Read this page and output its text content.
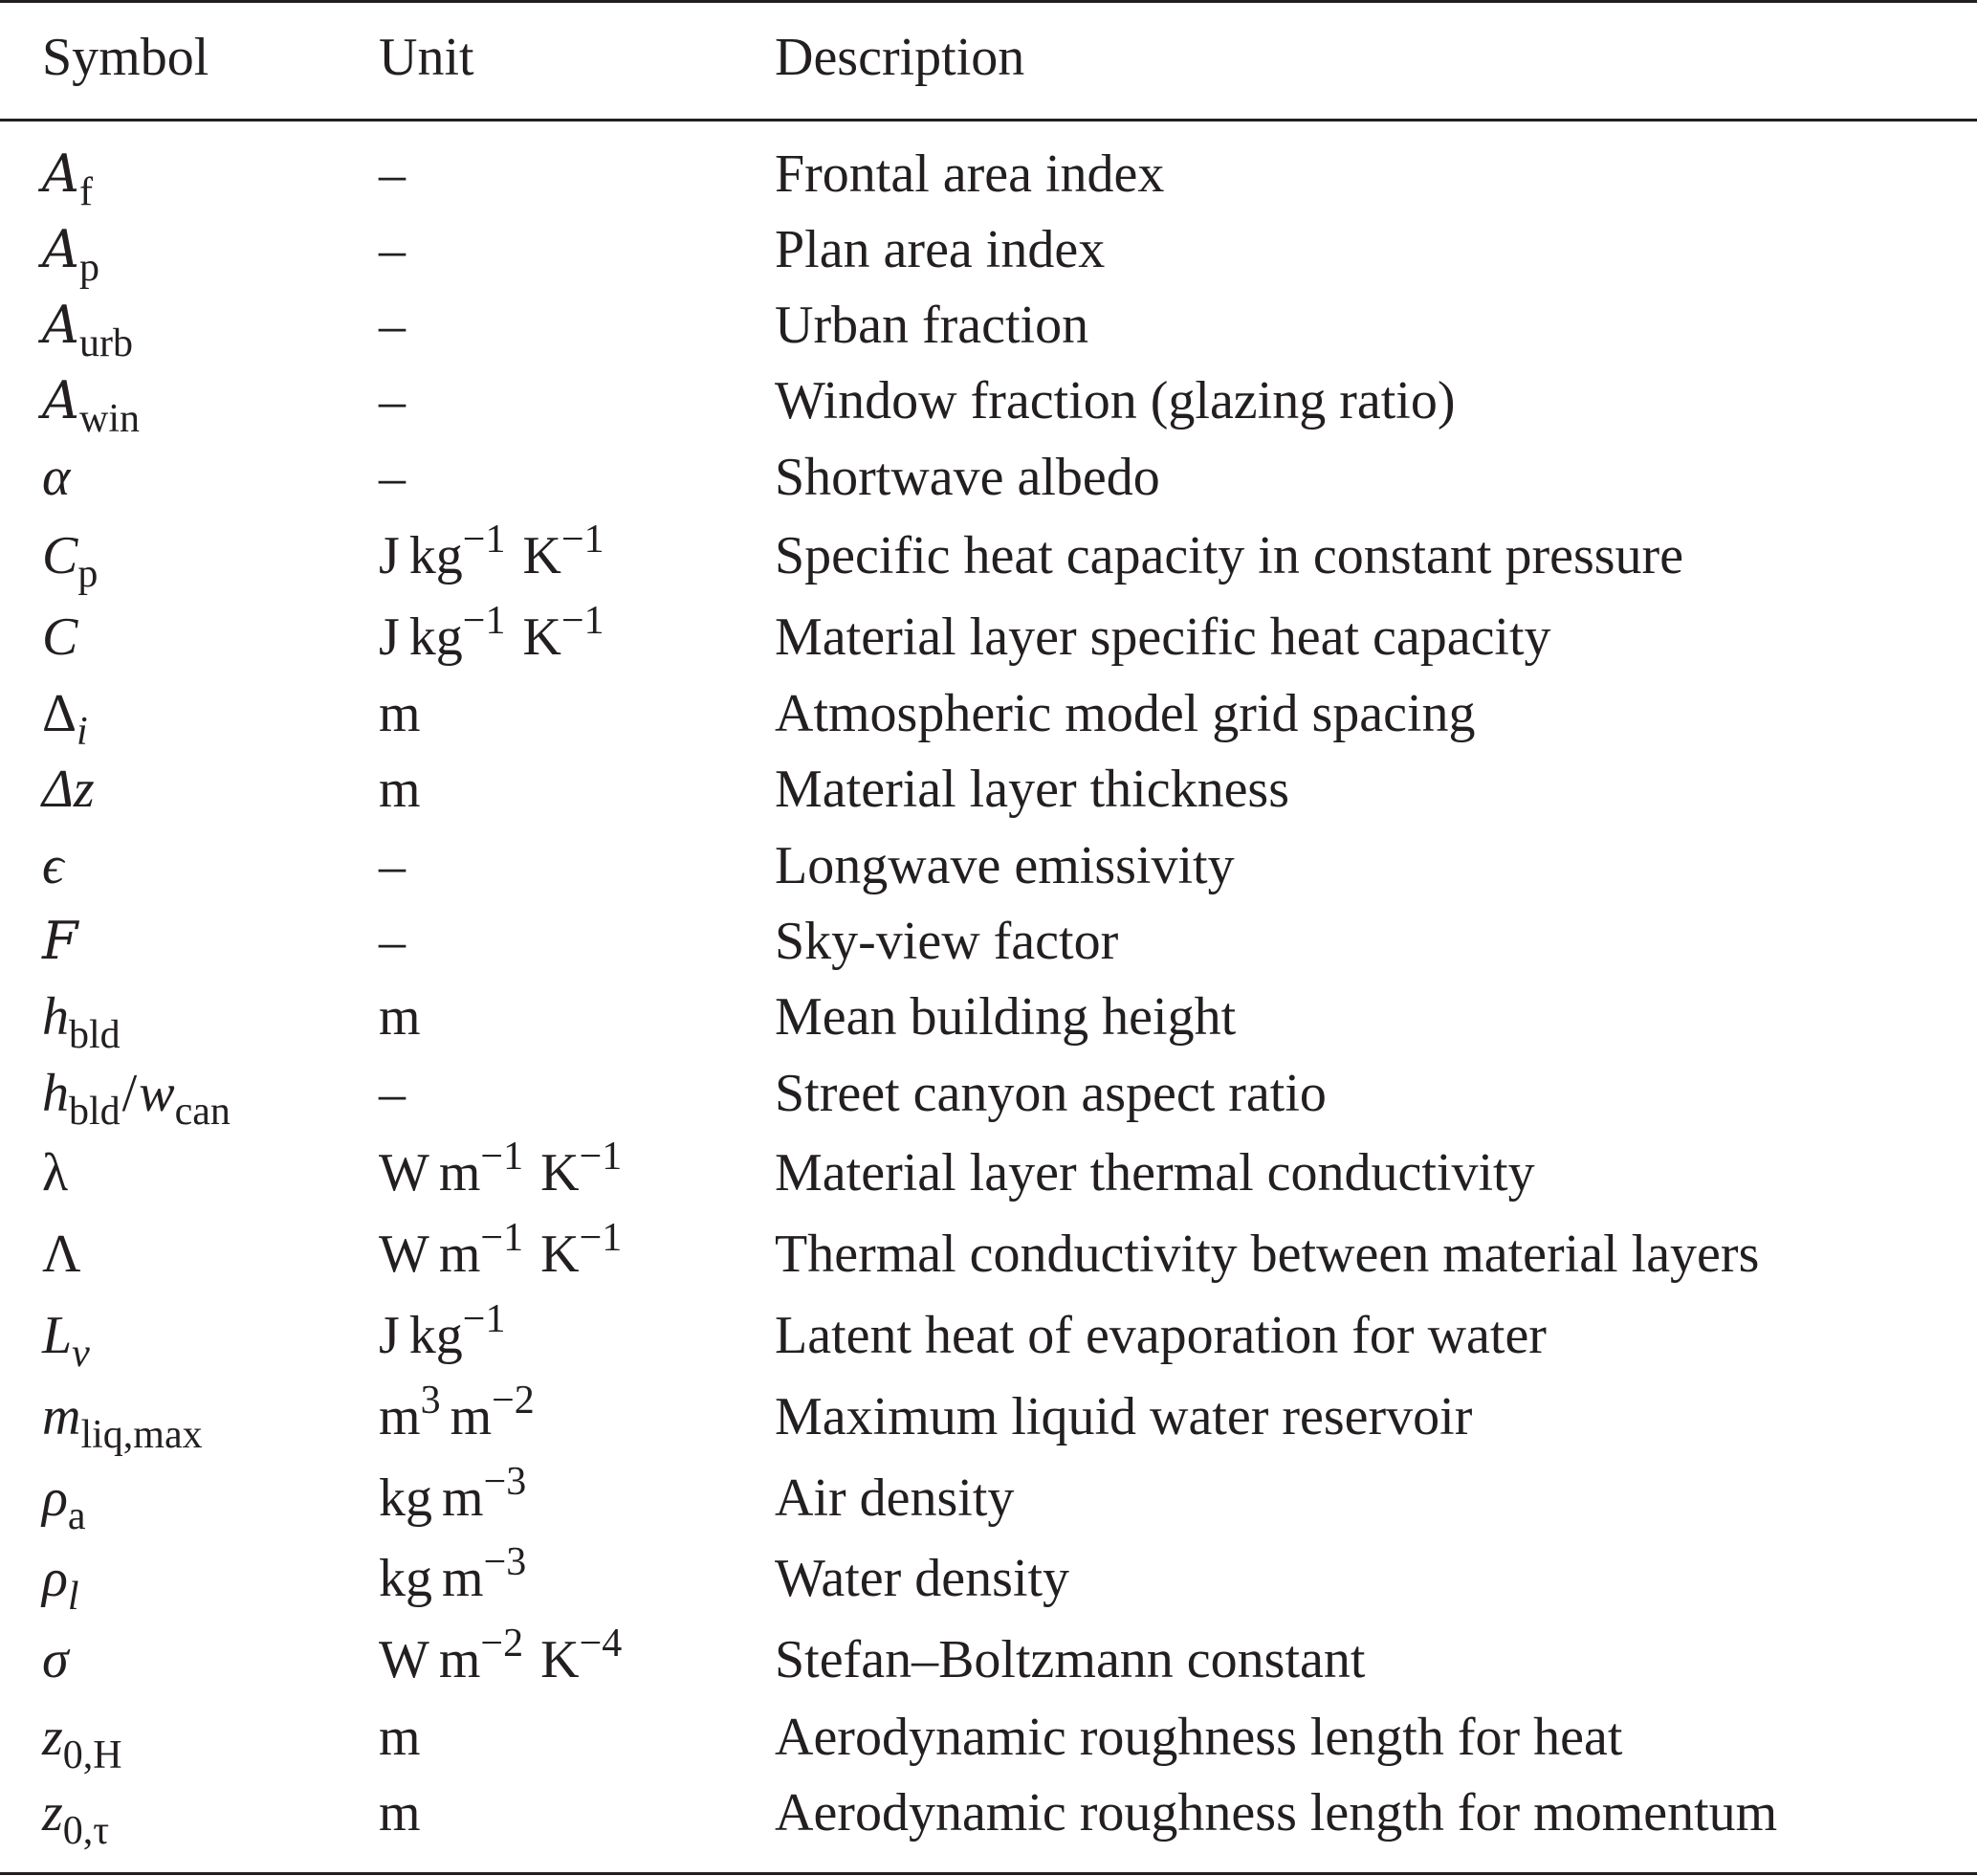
Symbol	Unit	Description
$A_f$	–	Frontal area index
$A_p$	–	Plan area index
$A_{urb}$	–	Urban fraction
$A_{win}$	–	Window fraction (glazing ratio)
α	–	Shortwave albedo
$C_p$	J $kg^{-1}$ $K^{-1}$	Specific heat capacity in constant pressure
C	J $kg^{-1}$ $K^{-1}$	Material layer specific heat capacity
$\Delta_i$	m	Atmospheric model grid spacing
Δz	m	Material layer thickness
ϵ	–	Longwave emissivity
F	–	Sky-view factor
$h_{bld}$	m	Mean building height
$h_{bld}/w_{can}$	–	Street canyon aspect ratio
λ	W $m^{-1}$ $K^{-1}$	Material layer thermal conductivity
Λ	W $m^{-1}$ $K^{-1}$	Thermal conductivity between material layers
$L_v$	J $kg^{-1}$	Latent heat of evaporation for water
$m_{liq,max}$	$m^3$ $m^{-2}$	Maximum liquid water reservoir
$\rho_a$	kg $m^{-3}$	Air density
$\rho_l$	kg $m^{-3}$	Water density
σ	W $m^{-2}$ $K^{-4}$	Stefan–Boltzmann constant
$z_{0,H}$	m	Aerodynamic roughness length for heat
$z_{0,\tau}$	m	Aerodynamic roughness length for momentum
